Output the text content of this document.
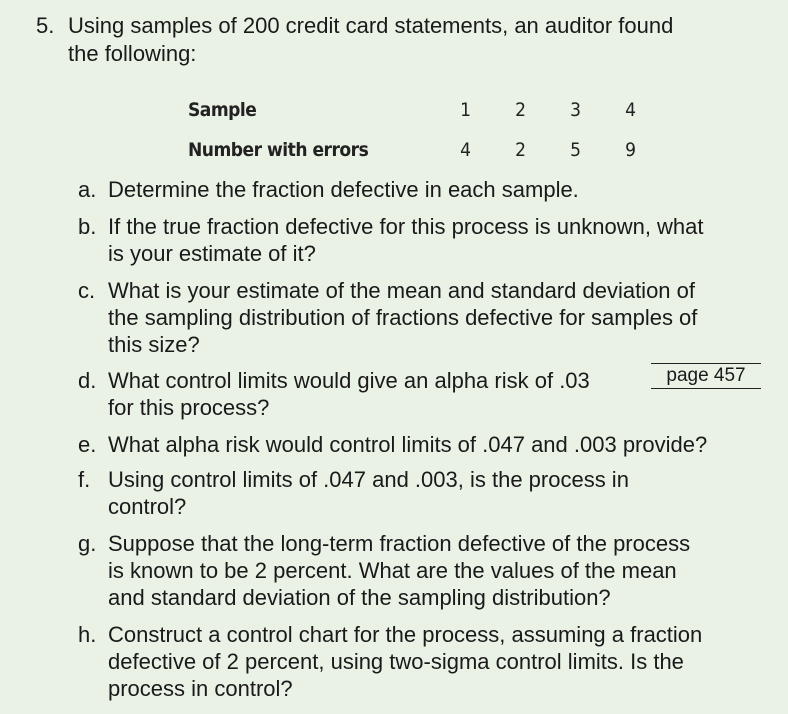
5. Using samples of 200 credit card statements, an auditor found
the following:
Sample	1	2	3	4
Number with errors	4	2	5	9
a. Determine the fraction defective in each sample.
b. If the true fraction defective for this process is unknown, what
is your estimate of it?
c. What is your estimate of the mean and standard deviation of
the sampling distribution of fractions defective for samples of
this size?
d. What control limits would give an alpha risk of .03
for this process?
e. What alpha risk would control limits of .047 and .003 provide?
f. Using control limits of .047 and .003, is the process in
control?
g. Suppose that the long-term fraction defective of the process
is known to be 2 percent. What are the values of the mean
and standard deviation of the sampling distribution?
h. Construct a control chart for the process, assuming a fraction
defective of 2 percent, using two-sigma control limits. Is the
process in control?
page 457
